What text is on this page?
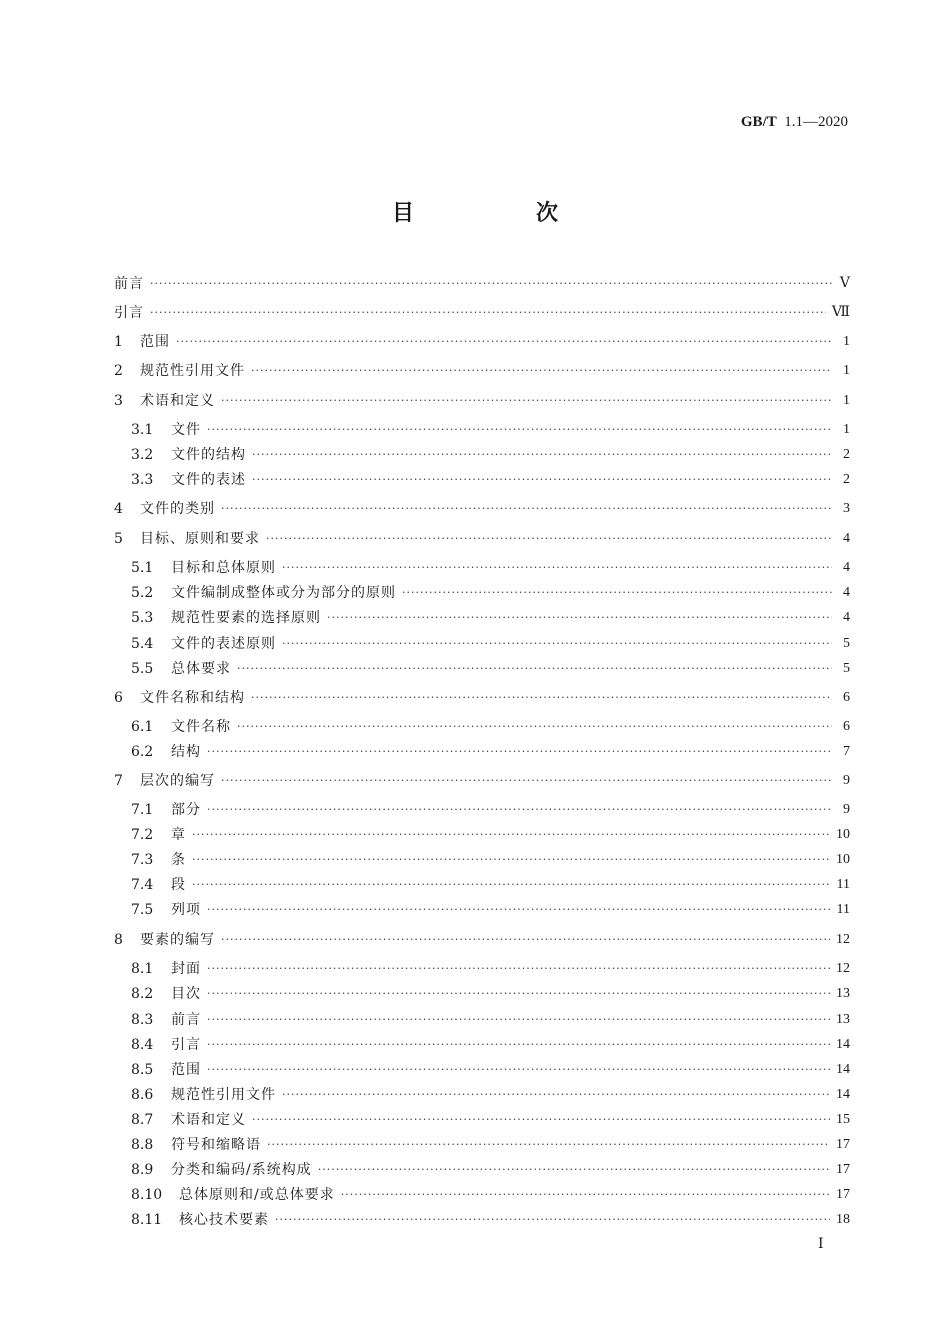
GB/T 1.1—2020
目　次
前言 ·····	Ⅴ
引言 ·····	Ⅶ
1	范围 ·····	1
2	规范性引用文件 ·····	1
3	术语和定义 ·····	1
3.1	文件 ·····	1
3.2	文件的结构 ·····	2
3.3	文件的表述 ·····	2
4	文件的类别 ·····	3
5	目标、原则和要求 ·····	4
5.1	目标和总体原则 ·····	4
5.2	文件编制成整体或分为部分的原则 ·····	4
5.3	规范性要素的选择原则 ·····	4
5.4	文件的表述原则 ·····	5
5.5	总体要求 ·····	5
6	文件名称和结构 ·····	6
6.1	文件名称 ·····	6
6.2	结构 ·····	7
7	层次的编写 ·····	9
7.1	部分 ·····	9
7.2	章 ·····	10
7.3	条 ·····	10
7.4	段 ·····	11
7.5	列项 ·····	11
8	要素的编写 ·····	12
8.1	封面 ·····	12
8.2	目次 ·····	13
8.3	前言 ·····	13
8.4	引言 ·····	14
8.5	范围 ·····	14
8.6	规范性引用文件 ·····	14
8.7	术语和定义 ·····	15
8.8	符号和缩略语 ·····	17
8.9	分类和编码/系统构成 ·····	17
8.10	总体原则和/或总体要求 ·····	17
8.11	核心技术要素 ·····	18
Ⅰ
